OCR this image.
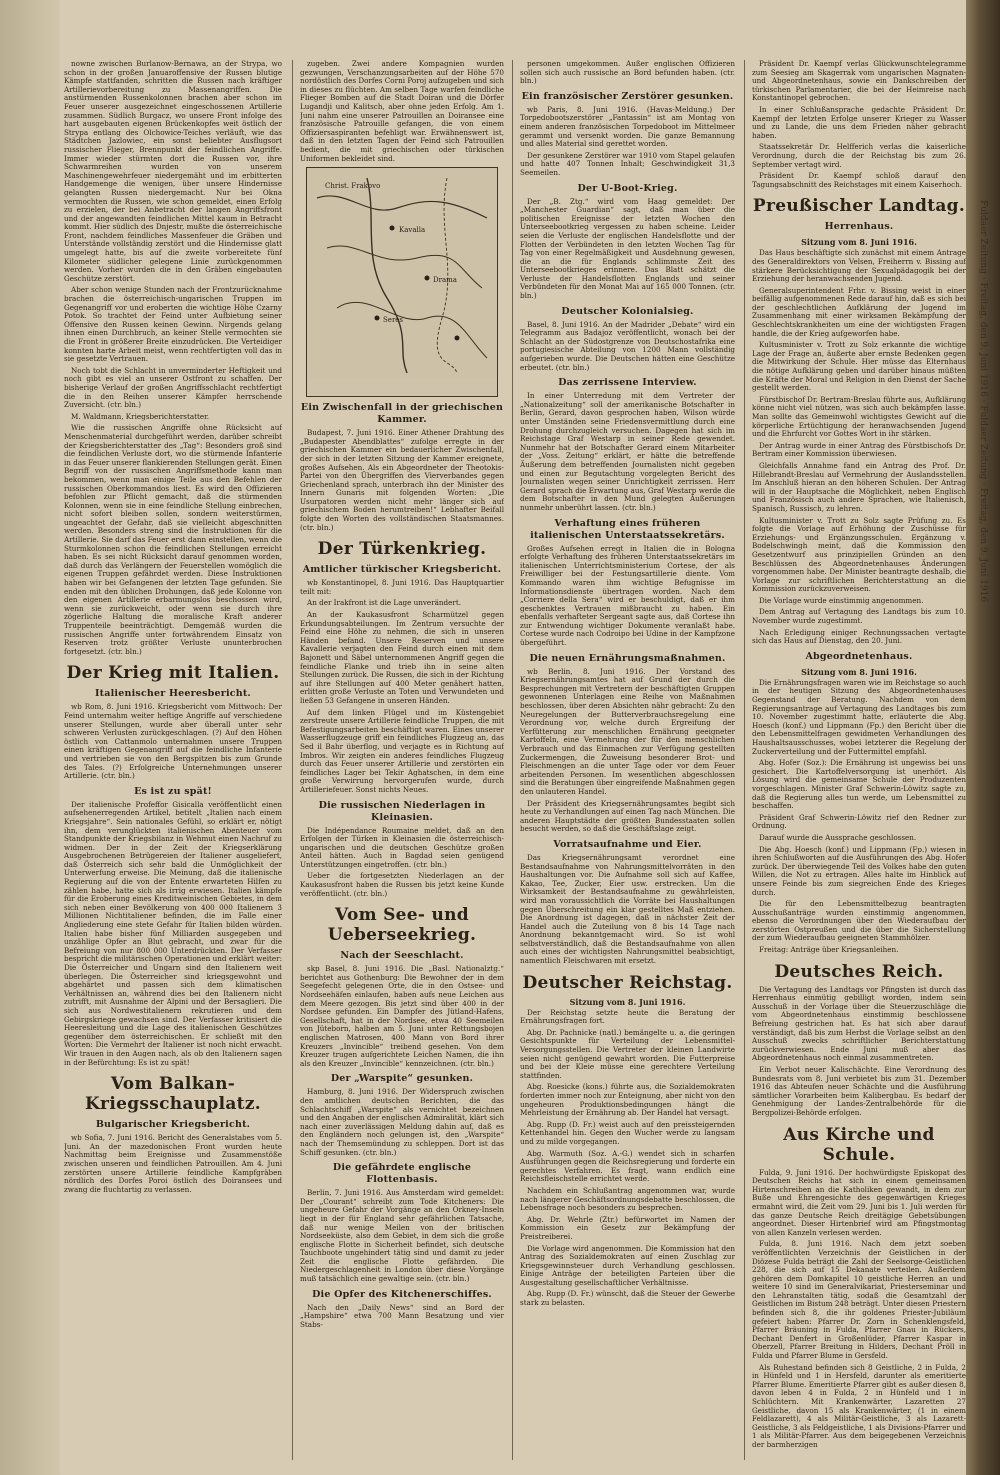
nowne zwischen Burlanow-Bernawa, an der Strypa, wo schon in der großen Januaroffensive der Russen blutige Kämpfe stattfanden, schritten die Russen nach kräftiger Artillerievorbereitung zu Massenangriffen. Die anstürmenden Russenkolonnen brachen aber schon im Feuer unserer ausgezeichnet eingeschossenen Artillerie zusammen. Südlich Burgacz, wo unsere Front infolge des hart ausgebauten eigenen Brückenkopfes weit östlich der Strypa entlang des Olchowice-Teiches verläuft, wie das Städtchen Jazlowiec, ein sonst beliebter Ausflugsort russischer Flieger, Brennpunkt der feindlichen Angriffe. Immer wieder stürmten dort die Russen vor, ihre Schwarmreihen wurden von unserem Maschinengewehrfeuer niedergemäht und im erbitterten Handgemenge die wenigen, über unsere Hindernisse gelangten Russen niedergemacht. Nur bei Okna vermochten die Russen, wie schon gemeldet, einen Erfolg zu erzielen, der bei Anbetracht der langen Angriffsfront und der angewandten feindlichen Mittel kaum in Betracht kommt. Hier südlich des Dnjestr, mußte die österreichische Front, nachdem feindliches Massenfeuer die Gräben und Unterstände vollständig zerstört und die Hindernisse glatt umgelegt hatte, bis auf die zweite vorbereitete fünf Kilometer südlicher gelegene Linie zurückgenommen werden. Vorher wurden die in den Gräben eingebauten Geschütze zerstört.

Aber schon wenige Stunden nach der Frontzurücknahme brachen die österreichisch-ungarischen Truppen im Gegenangriff vor und eroberten die wichtige Höhe Czarny Potok. So trachtet der Feind unter Aufbietung seiner Offensive den Russen keinen Gewinn. Nirgends gelang ihnen einen Durchbruch, an keiner Stelle vermochten sie die Front in größerer Breite einzudrücken. Die Verteidiger konnten harte Arbeit meist, wenn rechtfertigten voll das in sie gesetzte Vertrauen.

Noch tobt die Schlacht in unverminderter Heftigkeit und noch gibt es viel an unserer Ostfront zu schaffen. Der bisherige Verlauf der großen Angriffsschlacht rechtfertigt die in den Reihen unserer Kämpfer herrschende Zuversicht. (ctr. bln.)

M. Waldmann, Kriegsberichterstatter.

Wie die russischen Angriffe ohne Rücksicht auf Menschenmaterial durchgeführt werden, darüber schreibt der Kriegsberichterstatter des „Tag“: Besonders groß sind die feindlichen Verluste dort, wo die stürmende Infanterie in das Feuer unserer flankierenden Stellungen gerät. Einen Begriff von der russischen Angriffsmethode kann man bekommen, wenn man einige Teile aus den Befehlen der russischen Oberkommandos liest. Es wird den Offizieren befohlen zur Pflicht gemacht, daß die stürmenden Kolonnen, wenn sie in eine feindliche Stellung einbrechen, nicht sofort bleiben sollen, sondern weiterstürmen, ungeachtet der Gefahr, daß sie vielleicht abgeschnitten werden. Besonders streng sind die Instruktionen für die Artillerie. Sie darf das Feuer erst dann einstellen, wenn die Sturmkolonnen schon die feindlichen Stellungen erreicht haben. Es sei nicht Rücksicht darauf genommen worden, daß durch das Verlängern der Feuerstellen womöglich die eigenen Truppen gefährdet werden. Diese Instruktionen haben wir bei Gefangenen der letzten Tage gefunden. Sie enden mit den üblichen Drohungen, daß jede Kolonne von den eigenen Artillerie erbarmungslos beschossen wird, wenn sie zurückweicht, oder wenn sie durch ihre zögerliche Haltung die moralische Kraft anderer Truppenteile beeinträchtigt. Demgemäß wurden die russischen Angriffe unter fortwährendem Einsatz von Reserven trotz größter Verluste ununterbrochen fortgesetzt. (ctr. bln.)

Der Krieg mit Italien.
Italienischer Heeresbericht.

wb Rom, 8. Juni 1916. Kriegsbericht vom Mittwoch: Der Feind unternahm weiter heftige Angriffe auf verschiedene unserer Stellungen, wurde aber überall unter sehr schweren Verlusten zurückgeschlagen. (?) Auf den Höhen östlich von Cattanmolo unternahmen unsere Truppen einen kräftigen Gegenangriff auf die feindliche Infanterie und vertrieben sie von den Bergspitzen bis zum Grunde des Tales. (?) Erfolgreiche Unternehmungen unserer Artillerie. (ctr. bln.)

Es ist zu spät!

Der italienische Profeffor Gisicalla veröffentlicht einen aufsehenerregenden Artikel, betitelt „Italien nach einem Kriegsjahre“. Sein nationales Gefühl, so erklärt er, nötigt ihn, dem verunglückten italienischen Abenteuer vom Standpunkte der Kriegsbilanz in Wehmut einen Nachruf zu widmen. Der in der Zeit der Kriegserklärung Ausgebrochenen Betrügereien der Italiener ausgeliefert, daß Österreich sich sehr bald die Unmöglichkeit der Unterwerfung erweise. Die Meinung, daß die italienische Regierung auf die von der Entente erwarteten Hilfen zu zählen habe, hatte sich als irrig erwiesen. Italien kämpfe für die Eroberung eines Kreditweinischen Gebietes, in dem sich neben einer Bevölkerung von 400 000 Italienern 3 Millionen Nichtitaliener befinden, die im Falle einer Angliederung eine stete Gefahr für Italien bilden würden. Italien habe bisher fünf Milliarden ausgegeben und unzählige Opfer an Blut gebracht, und zwar für die Befreiung von nur 800 000 Unterdrückten. Der Verfasser bespricht die militärischen Operationen und erklärt weiter: Die Österreicher und Ungarn sind den Italienern weit überlegen. Die Österreicher sind kriegsgewohnt und abgehärtet und passen sich dem klimatischen Verhältnissen an, während dies bei den Italienern nicht zutrifft, mit Ausnahme der Alpini und der Bersaglieri. Die sich aus Nordwestitalienern rekrutieren und dem Gebirgskriege gewachsen sind. Der Verfasser kritisiert die Heeresleitung und die Lage des italienischen Geschützes gegenüber dem österreichischen. Er schließt mit den Worten: Die Vermehrt der Italiener ist noch nicht erwacht. Wir trauen in den Augen nach, als ob den Italienern sagen in der Befürchtung: Es ist zu spät!

Vom Balkan-Kriegsschauplatz.
Bulgarischer Kriegsbericht.

wb Sofia, 7. Juni 1916. Bericht des Generalstabes vom 5. Juni. An der mazedonischen Front wurden heute Nachmittag beim Ereignisse und Zusammenstöße zwischen unseren und feindlichen Patrouillen. Am 4. Juni zerstörten unsere Artillerie feindliche Kampfgräben nördlich des Dorfes Poroi östlich des Doiransees und zwang die fluchtartig zu verlassen.

zugeben. Zwei andere Kompagnien wurden gezwungen, Verschanzungsarbeiten auf der Höhe 570 nordöstlich des Dorfes Corni Poroj aufzugeben und sich in dieses zu flüchten. Am selben Tage warfen feindliche Flieger Bomben auf die Stadt Doiran und die Dörfer Lugandji und Kalitsch, aber ohne jeden Erfolg. Am 1. Juni nahm eine unserer Patrouillen an Doiransee eine französische Patrouille gefangen, die von einem Offiziersaspiranten befehligt war. Erwähnenswert ist, daß in den letzten Tagen der Feind sich Patrouillen bedient, die mit griechischen oder türkischen Uniformen bekleidet sind.

Christ. Frakovo
Kavalla
Drama
Seres
Ein Zwischenfall in der griechischen Kammer.

Budapest, 7. Juni 1916. Einer Athener Drahtung des „Budapester Abendblattes“ zufolge erregte in der griechischen Kammer ein bedauerlicher Zwischenfall, der sich in der letzten Sitzung der Kammer ereignete, großes Aufsehen. Als ein Abgeordneter der Theotokis-Partei von den Übergriffen des Vierverbandes gegen Griechenland sprach, unterbrach ihn der Minister des Innern Gunaris mit folgenden Worten: „Die Usurpatoren werden nicht mehr länger sich auf griechischem Boden herumtreiben!“ Lebhafter Beifall folgte den Worten des vollständischen Staatsmannes. (ctr. bln.)

Der Türkenkrieg.
Amtlicher türkischer Kriegsbericht.

wb Konstantinopel, 8. Juni 1916. Das Hauptquartier teilt mit:

An der Irakfront ist die Lage unverändert.

An der Kaukasusfront Scharmützel gegen Erkundungsabteilungen. Im Zentrum versuchte der Feind eine Höhe zu nehmen, die sich in unseren Händen befand. Unsere Reserven und unsere Kavallerie verjagten den Feind durch einen mit dem Bajonett und Säbel unternommenen Angriff gegen die feindliche Flanke und trieb ihn in seine alten Stellungen zurück. Die Russen, die sich in der Richtung auf ihre Stellungen auf 400 Meter genähert hatten, erlitten große Verluste an Toten und Verwundeten und ließen 53 Gefangene in unseren Händen.

Auf dem linken Flügel und im Küstengebiet zerstreute unsere Artillerie feindliche Truppen, die mit Befestigungsarbeiten beschäftigt waren. Eines unserer Wasserflugzeuge griff ein feindliches Flugzeug an, das Sed il Bahr überflog, und verjagte es in Richtung auf Imbros. Wir zeigten ein anderes feindliches Flugzeug durch das Feuer unserer Artillerie und zerstörten ein feindliches Lager bei Tekir Aghatschen, in dem eine große Verwirrung hervorgerufen wurde, durch Artilleriefeuer. Sonst nichts Neues.

Die russischen Niederlagen in Kleinasien.

Die Indépendance Roumaine meldet, daß an den Erfolgen der Türken in Kleinasien die österreichisch-ungarischen und die deutschen Geschütze großen Anteil hätten. Auch in Bagdad seien genügend Unterstützungen eingetroffen. (ctr. bln.)

Ueber die fortgesetzten Niederlagen an der Kaukasusfront haben die Russen bis jetzt keine Kunde veröffentlicht. (ctr. bln.)

Vom See- und Ueberseekrieg.
Nach der Seeschlacht.

skp Basel, 8. Juni 1916. Die „Basl. Nationalztg.“ berichtet aus Gothenburg: Die Bewohner der in dem Seegefecht gelegenen Orte, die in den Ostsee- und Nordseehäfen einlaufen, haben aufs neue Leichen aus dem Meere gezogen. Bis jetzt sind über 400 in der Nordsee gefunden. Ein Dampfer des Jütland-Hafens, Gesellschaft, hat in der Nordsee, etwa 40 Seemeilen von Jüteborn, halben am 5. Juni unter Rettungsbojen englischen Matrosen, 400 Mann von Bord ihrer Kreuzers „Invincible“ treibend gesehen. Von dem Kreuzer trugen aufgerichtete Leichen Namen, die ihn als den Kreuzer „Invincible“ kennzeichnen. (ctr. bln.)

Der „Warspite“ gesunken.

Hamburg, 8. Juni 1916. Der Widerspruch zwischen den amtlichen deutschen Berichten, die das Schlachtschiff „Warspite“ als vernichtet bezeichnen und den Angaben der englischen Admiralität, klärt sich nach einer zuverlässigen Meldung dahin auf, daß es den Engländern noch gelungen ist, den „Warspite“ nach der Themsemündung zu schleppen. Dort ist das Schiff gesunken. (ctr. bln.)

Die gefährdete englische Flottenbasis.

Berlin, 7. Juni 1916. Aus Amsterdam wird gemeldet: Der „Courant“ schreibt zum Tode Kitcheners: Die ungeheure Gefahr der Vorgänge an den Orkney-Inseln liegt in der für England sehr gefährlichen Tatsache, daß nur wenige Meilen von der britischen Nordseeküste, also dem Gebiet, in dem sich die große englische Flotte in Sicherheit befindet, sich deutsche Tauchboote ungehindert tätig sind und damit zu jeder Zeit die englische Flotte gefährden. Die Niedergeschlagenheit in London über diese Vorgänge muß tatsächlich eine gewaltige sein. (ctr. bln.)

Die Opfer des Kitchenerschiffes.

Nach den „Daily News“ sind an Bord der „Hampshire“ etwa 700 Mann Besatzung und vier Stabs-

personen umgekommen. Außer englischen Offizieren sollen sich auch russische an Bord befunden haben. (ctr. bln.)

Ein französischer Zerstörer gesunken.

wb Paris, 8. Juni 1916. (Havas-Meldung.) Der Torpedobootszerstörer „Fantassin“ ist am Montag von einem anderen französischen Torpedoboot im Mittelmeer gerammt und versenkt worden. Die ganze Bemannung und alles Material sind gerettet worden.

Der gesunkene Zerstörer war 1910 vom Stapel gelaufen und hatte 407 Tonnen Inhalt; Geschwindigkeit 31,3 Seemeilen.

Der U-Boot-Krieg.

Der „B. Ztg.“ wird vom Haag gemeldet: Der „Manchester Guardian“ sagt, daß man über die politischen Ereignisse der letzten Wochen den Unterseebootkrieg vergessen zu haben scheine. Leider seien die Verluste der englischen Handelsflotte und der Flotten der Verbündeten in den letzten Wochen Tag für Tag von einer Regelmäßigkeit und Ausdehnung gewesen, die an die für Englands schlimmste Zeit des Unterseebootkrieges erinnere. Das Blatt schätzt die Verluste der Handelsflotten Englands und seiner Verbündeten für den Monat Mai auf 165 000 Tonnen. (ctr. bln.)

Deutscher Kolonialsieg.

Basel, 8. Juni 1916. An der Madrider „Debate“ wird ein Telegramm aus Badajoz veröffentlicht, wonach bei der Schlacht an der Südostgrenze von Deutschostafrika eine portugiesische Abteilung von 1200 Mann vollständig aufgerieben wurde. Die Deutschen hätten eine Geschütze erbeutet. (ctr. bln.)

Das zerrissene Interview.

In einer Unterredung mit dem Vertreter der „Nationalzeitung“ soll der amerikanische Botschafter in Berlin, Gerard, davon gesprochen haben, Wilson würde unter Umständen seine Friedensvermittlung durch eine Drohung durchzugleich versuchen. Dagegen hat sich im Reichstage Graf Westarp in seiner Rede gewendet. Nunmehr hat der Botschafter Gerard einem Mitarbeiter der „Voss. Zeitung“ erklärt, er hätte die betreffende Äußerung dem betreffenden Journalisten nicht gegeben und einen zur Begutachtung vorgelegten Bericht des Journalisten wegen seiner Unrichtigkeit zerrissen. Herr Gerard sprach die Erwartung aus, Graf Westarp werde die dem Botschafter in den Mund gelegten Äußerungen nunmehr unberührt lassen. (ctr. bln.)

Verhaftung eines früheren italienischen Unterstaatssekretärs.

Großes Aufsehen erregt in Italien die in Bologna erfolgte Verhaftung des früheren Unterstaatssekretärs im italienischen Unterrichtsministerium Cortese, der als Freiwilliger bei der Festungsartillerie diente. Vom Kommando waren ihm wichtige Befugnisse im Informationsdienste übertragen worden. Nach dem „Corriere della Sera“ wird er beschuldigt, daß er ihm geschenktes Vertrauen mißbraucht zu haben. Ein ebenfalls verhafteter Sergeant sagte aus, daß Cortese ihn zur Entwendung wichtiger Dokumente veranlaßt habe. Cortese wurde nach Codroipo bei Udine in der Kampfzone übergeführt.

Die neuen Ernährungsmaßnahmen.

wb Berlin, 8. Juni 1916. Der Vorstand des Kriegsernährungsamtes hat auf Grund der durch die Besprechungen mit Vertretern der beschäftigten Gruppen gewonnenen Unterlagen eine Reihe von Maßnahmen beschlossen, über deren Absichten nähr gebracht: Zu den Neuregelungen der Butterverbrauchsregelung eine Verordnung vor, welche durch Ergreifung der Verfütterung zur menschlichen Ernährung geeigneter Kartoffeln, eine Vermehrung der für den menschlichen Verbrauch und das Einmachen zur Verfügung gestellten Zuckermengen, die Zuweisung besonderer Brot- und Fleischmengen an die unter Tage oder vor dem Feuer arbeitenden Personen. Im wesentlichen abgeschlossen sind die Beratungen über eingreifende Maßnahmen gegen den unlauteren Handel.

Der Präsident des Kriegsernährungsamtes begibt sich heute zu Verhandlungen auf einen Tag nach München. Die anderen Hauptstädte der größten Bundesstaaten sollen besucht werden, so daß die Geschäftslage zeigt.

Vorratsaufnahme und Eier.

Das Kriegsernährungsamt verordnet eine Bestandsaufnahme von Nahrungsmittelvorräten in den Haushaltungen vor. Die Aufnahme soll sich auf Kaffee, Kakao, Tee, Zucker, Eier usw. erstrecken. Um die Wirksamkeit der Bestandsaufnahme zu gewährleisten, wird man voraussichtlich die Vorräte bei Haushaltungen gegen Überschreitung ein klar gestelltes Maß entziehen. Die Anordnung ist dagegen, daß in nächster Zeit der Handel auch die Zuteilung von 8 bis 14 Tage nach Anordnung bekanntgemacht wird. So ist wohl selbstverständlich, daß die Bestandsaufnahme von allen auch eines der wichtigsten Nahrungsmittel beabsichtigt, namentlich Fleischwaren mit ersetzt.

Deutscher Reichstag.
Sitzung vom 8. Juni 1916.

Der Reichstag setzte heute die Beratung der Ernährungsfragen fort.

Abg. Dr. Pachnicke (natl.) bemängelte u. a. die geringen Gesichtspunkte für Verteilung der Lebensmittel-Versorgungsstellen. Die Vertreter der kleinen Landwirte seien nicht genügend gewahrt worden. Die Futterpreise und bei der Kleie müsse eine gerechtere Verteilung stattfinden.

Abg. Roesicke (kons.) führte aus, die Sozialdemokraten forderten immer noch zur Enteignung, aber nicht von den ungeheuren Produktionsbedingungen hängt die Mehrleistung der Ernährung ab. Der Handel hat versagt.

Abg. Rupp (D. Fr.) weist auch auf den preissteigernden Kettenhandel hin. Gegen den Wucher werde zu langsam und zu milde vorgegangen.

Abg. Warmuth (Soz. A.-G.) wendet sich in scharfen Ausführungen gegen die Reichsregierung und forderte ein gerechtes Verfahren. Es fragt, wann endlich eine Reichsfleischstelle errichtet werde.

Nachdem ein Schlußantrag angenommen war, wurde nach längerer Geschäftsordnungsdebatte beschlossen, die Lebensfrage noch besonders zu besprechen.

Abg. Dr. Wehrle (Ztr.) befürwortet im Namen der Kommission ein Gesetz zur Bekämpfung der Preistreiberei.

Die Vorlage wird angenommen. Die Kommission hat den Antrag des Sozialdemokraten auf einen Zuschlag zur Kriegsgewinnsteuer durch Verhandlung geschlossen. Einige Anträge der beteiligten Parteien über die Ausgestaltung gesellschaftlicher Verhältnisse.

Abg. Rupp (D. Fr.) wünscht, daß die Steuer der Gewerbe stark zu belasten.

Präsident Dr. Kaempf verlas Glückwunschtelegramme zum Seesieg am Skagerrak vom ungarischen Magnaten- und Abgeordnetenhaus, sowie ein Dankschreiben der türkischen Parlamentarier, die bei der Heimreise nach Konstantinopel gebrochen.

In einer Schlußansprache gedachte Präsident Dr. Kaempf der letzten Erfolge unserer Krieger zu Wasser und zu Lande, die uns dem Frieden näher gebracht haben.

Staatssekretär Dr. Helfferich verlas die kaiserliche Verordnung, durch die der Reichstag bis zum 26. September vertagt wird.

Präsident Dr. Kaempf schloß darauf den Tagungsabschnitt des Reichstages mit einem Kaiserhoch.

Preußischer Landtag.
Herrenhaus.
Sitzung vom 8. Juni 1916.

Das Haus beschäftigte sich zunächst mit einem Antrage des Generaldirektors von Velsen, Freiherrn v. Bissing auf stärkere Berücksichtigung der Sexualpädagogik bei der Erziehung der heranwachsenden Jugend.

Generalsuperintendent Frhr. v. Bissing weist in einer beifällig aufgenommenen Rede darauf hin, daß es sich bei der geschlechtlichen Aufklärung der Jugend im Zusammenhang mit einer wirksamen Bekämpfung der Geschlechtskrankheiten um eine der wichtigsten Fragen handle, die der Krieg aufgeworfen habe.

Kultusminister v. Trott zu Solz erkannte die wichtige Lage der Frage an, äußerte aber ernste Bedenken gegen die Mitwirkung der Schule. Hier müsse das Elternhaus die nötige Aufklärung geben und darüber hinaus müßten die Kräfte der Moral und Religion in den Dienst der Sache gestellt werden.

Fürstbischof Dr. Bertram-Breslau führte aus, Aufklärung könne nicht viel nützen, was sich auch bekämpfen lasse. Man sollte das Gemeinwohl wichtigstes Gewicht auf die körperliche Ertüchtigung der heranwachsenden Jugend und die Ehrfurcht vor Gottes Wort in ihr stärken.

Der Antrag wurde in einer Antrag des Fürstbischofs Dr. Bertram einer Kommission überwiesen.

Gleichfalls Annahme fand ein Antrag des Prof. Dr. Hillebrandt-Breslau auf Vermehrung der Auslandsstellen. Im Anschluß hieran an den höheren Schulen. Der Antrag will in der Hauptsache die Möglichkeit, neben Englisch und Französisch auch andere Sprachen, wie Italienisch, Spanisch, Russisch, zu lehren.

Kultusminister v. Trott zu Solz sagte Prüfung zu. Es folgte die Vorlage auf Erhöhung der Zuschüsse für Erziehungs- und Ergänzungsschulen. Ergänzung v. Bodelschwingh meint, daß die Kommission den Gesetzentwurf aus prinzipiellen Gründen an den Beschlüssen des Abgeordnetenhauses Änderungen vorgenommen habe. Der Minister beantragte deshalb, die Vorlage zur schriftlichen Berichterstattung an die Kommission zurückzuverweisen.

Die Vorlage wurde einstimmig angenommen.

Dem Antrag auf Vertagung des Landtags bis zum 10. November wurde zugestimmt.

Nach Erledigung einiger Rechnungssachen vertagte sich das Haus auf Dienstag, den 20. Juni.

Abgeordnetenhaus.
Sitzung vom 8. Juni 1916.

Die Ernährungsfragen waren wie im Reichstage so auch in der heutigen Sitzung des Abgeordnetenhauses Gegenstand der Beratung. Nachdem von dem Regierungsantrage auf Vertagung des Landtages bis zum 10. November zugestimmt hatte, erläuterte die Abg. Hoesch (konf.) und Lippmann (Fp.) den Bericht über die den Lebensmittelfragen gewidmeten Verhandlungen des Haushaltsausschusses, wobei letzterer die Regelung der Zuckerverteilung und der Futtermittel empfahl.

Abg. Hofer (Soz.): Die Ernährung ist ungewiss bei uns gesichert. Die Kartoffelversorgung ist unerhört. Als Lösung wird die gemeinsame Schule der Produzenten vorgeschlagen. Minister Graf Schwerin-Löwitz sagte zu, daß die Regierung alles tun werde, um Lebensmittel zu beschaffen.

Präsident Graf Schwerin-Löwitz rief den Redner zur Ordnung.

Darauf wurde die Aussprache geschlossen.

Die Abg. Hoesch (konf.) und Lippmann (Fp.) wiesen in ihren Schlußworten auf die Ausführungen des Abg. Hofer zurück. Der überwiegende Teil des Volkes habe den guten Willen, die Not zu ertragen. Alles halte im Hinblick auf unsere Feinde bis zum siegreichen Ende des Krieges durch.

Die für den Lebensmittelbezug beantragten Ausschußanträge wurden einstimmig angenommen, ebenso die Verordnungen über den Wiederaufbau der zerstörten Ostpreußen und die über die Sicherstellung der zum Wiederaufbau geeigneten Stammhölzer.

Freitag: Anträge über Kriegsanleihen.

Deutsches Reich.

Die Vertagung des Landtags vor Pfingsten ist durch das Herrenhaus einmütig gebilligt worden, indem sein Ausschuß in der Vorlage über die Steuerzuschläge die vom Abgeordnetenhaus einstimmig beschlossene Befreiung gestrichen hat. Es hat sich aber darauf verständigt, daß bis zum Herbst die Vorlage selbst an den Ausschuß zwecks schriftlicher Berichterstattung zurückverwiesen. Ende Juni muß aber das Abgeordnetenhaus noch einmal zusammentreten.

Ein Verbot neuer Kalischächte. Eine Verordnung des Bundesrats vom 8. Juni verbietet bis zum 31. Dezember 1916 das Abteufen neuer Schächte und die Ausführung sämtlicher Vorarbeiten beim Kalibergbau. Es bedarf der Genehmigung der Landes-Zentralbehörde für die Bergpolizei-Behörde erfolgen.

Aus Kirche und Schule.

Fulda, 9. Juni 1916. Der hochwürdigste Episkopat des Deutschen Reichs hat sich in einem gemeinsamen Hirtenschreiben an die Katholiken gewandt, in dem zur Buße und Ehrengesichte des gegenwärtigen Krieges ermahnt wird, die Zeit vom 29. Juni bis 1. Juli werden für das ganze Deutsche Reich dreitägige Gebetsübungen angeordnet. Dieser Hirtenbrief wird am Pfingstmontag von allen Kanzeln verlesen werden.

Fulda, 8. Juni 1916. Nach dem jetzt soeben veröffentlichten Verzeichnis der Geistlichen in der Diözese Fulda beträgt die Zahl der Seelsorge-Geistlichen 228, die sich auf 15 Dekanate verteilen. Außerdem gehören dem Domkapitel 10 geistliche Herren an und weitere 10 sind im Generalvikariat, Priesterseminar und den Lehranstalten tätig, sodaß die Gesamtzahl der Geistlichen im Bistum 248 beträgt. Unter diesen Priestern befinden sich 8, die ihr goldenes Priester-Jubiläum gefeiert haben: Pfarrer Dr. Zorn in Schenklengsfeld, Pfarrer Bräuning in Fulda, Pfarrer Gnau in Rückers, Dechant Denfert in Großenlüder, Pfarrer Kaspar in Oberzell, Pfarrer Breitung in Hilders, Dechant Pröll in Fulda und Pfarrer Blume in Gersfeld.

Als Ruhestand befinden sich 8 Geistliche, 2 in Fulda, 2 in Hünfeld und 1 in Hersfeld, darunter als emeritierte Pfarrer Blume. Emeritierte Pfarrer gibt es außer diesen 8, davon leben 4 in Fulda, 2 in Hünfeld und 1 in Schlüchtern. Mit Krankenwärter, Lazaretten 27 Geistliche, davon 15 als Krankenwärter, (1 in einem Feldlazarett), 4 als Militär-Geistliche, 3 als Lazarett-Geistliche, 3 als Feldgeistliche, 1 als Divisions-Pfarrer und 1 als Militär-Pfarrer. Aus dem beigegebenen Verzeichnis der barmherzigen

Fuldaer Zeitung · Freitag, den 9. Juni 1916 · Fuldaer Zeitung · Freitag, den 9. Juni 1916
